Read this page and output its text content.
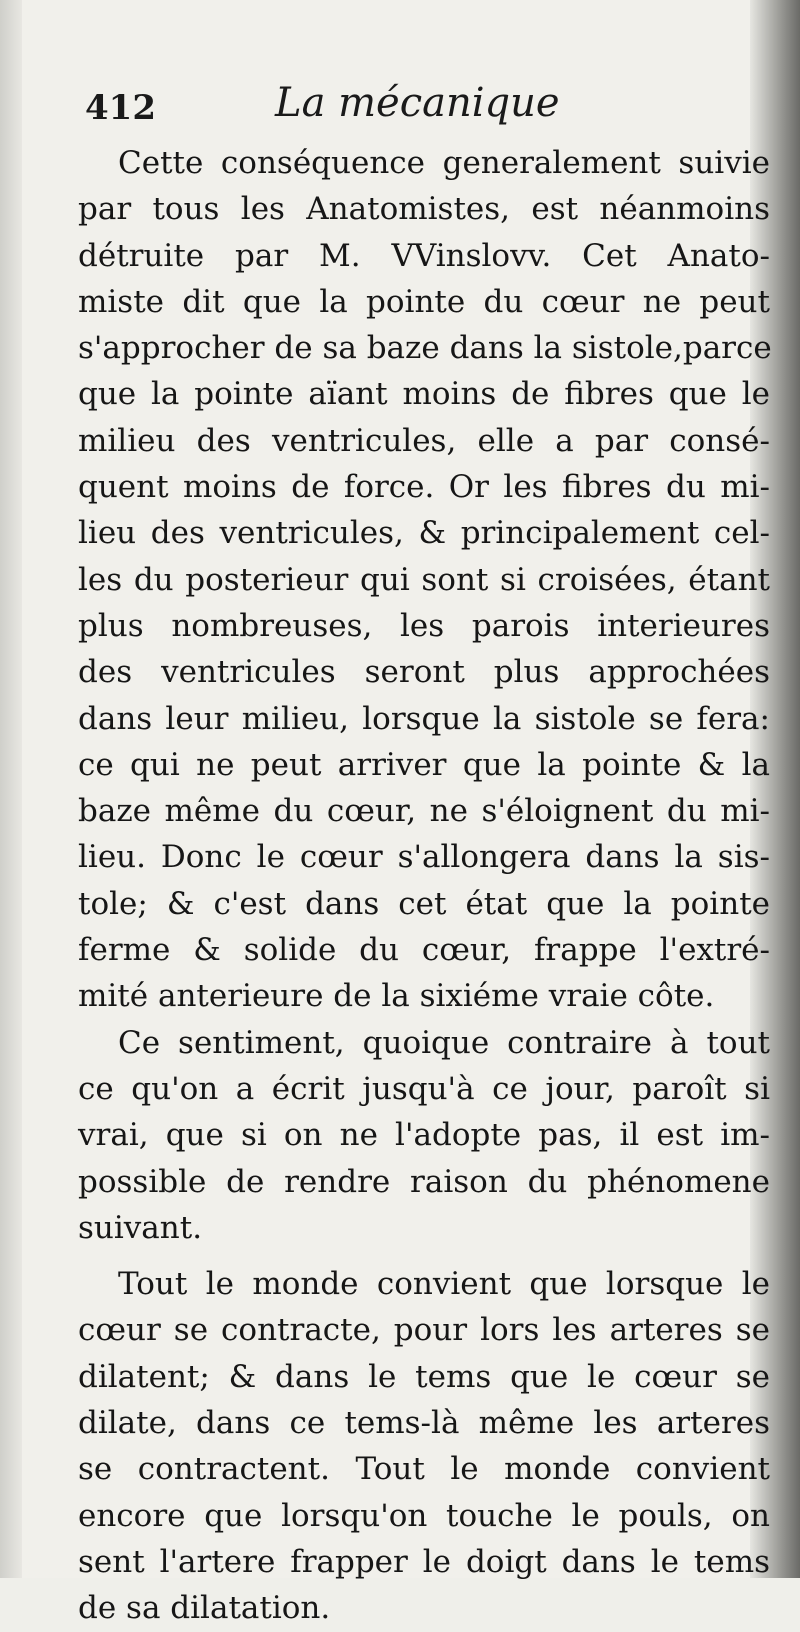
412	La mécanique
Cette conséquence generalement suivie
par tous les Anatomistes, est néanmoins
détruite par M. VVinslovv. Cet Anato-
miste dit que la pointe du cœur ne peut
s'approcher de sa baze dans la sistole,parce
que la pointe aïant moins de fibres que le
milieu des ventricules, elle a par consé-
quent moins de force. Or les fibres du mi-
lieu des ventricules, & principalement cel-
les du posterieur qui sont si croisées, étant
plus nombreuses, les parois interieures
des ventricules seront plus approchées
dans leur milieu, lorsque la sistole se fera:
ce qui ne peut arriver que la pointe & la
baze même du cœur, ne s'éloignent du mi-
lieu. Donc le cœur s'allongera dans la sis-
tole; & c'est dans cet état que la pointe
ferme & solide du cœur, frappe l'extré-
mité anterieure de la sixiéme vraie côte.
Ce sentiment, quoique contraire à tout
ce qu'on a écrit jusqu'à ce jour, paroît si
vrai, que si on ne l'adopte pas, il est im-
possible de rendre raison du phénomene
suivant.
Tout le monde convient que lorsque le
cœur se contracte, pour lors les arteres se
dilatent; & dans le tems que le cœur se
dilate, dans ce tems-là même les arteres
se contractent. Tout le monde convient
encore que lorsqu'on touche le pouls, on
sent l'artere frapper le doigt dans le tems
de sa dilatation.
